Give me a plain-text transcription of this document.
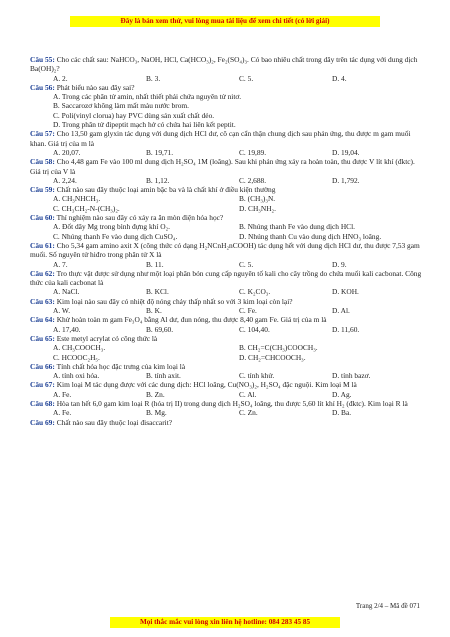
Đây là bản xem thử, vui lòng mua tài liệu để xem chi tiết (có lời giải)

Câu 55: Cho các chất sau: NaHCO₃, NaOH, HCl, Ca(HCO₃)₂, Fe₂(SO₄)₃. Có bao nhiêu chất trong dãy trên tác dụng với dung dịch Ba(OH)₂?

A. 2.	B. 3.	C. 5.	D. 4.

Câu 56: Phát biểu nào sau đây sai?

A. Trong các phân tử amin, nhất thiết phải chứa nguyên tử nitơ.

B. Saccarozơ không làm mất màu nước brom.

C. Poli(vinyl clorua) hay PVC dùng sản xuất chất dẻo.

D. Trong phân tử đipeptit mạch hở có chứa hai liên kết peptit.

Câu 57: Cho 13,50 gam glyxin tác dụng với dung dịch HCl dư, cô cạn cẩn thận chung dịch sau phản ứng, thu được m gam muối khan. Giá trị của m là

A. 20,07.	B. 19,71.	C. 19,89.	D. 19,04.

Câu 58: Cho 4,48 gam Fe vào 100 ml dung dịch H₂SO₄ 1M (loãng). Sau khi phản ứng xảy ra hoàn toàn, thu được V lít khí (đktc). Giá trị của V là

A. 2,24.	B. 1,12.	C. 2,688.	D. 1,792.

Câu 59: Chất nào sau đây thuộc loại amin bậc ba và là chất khí ở điều kiện thường

A. CH₃NHCH₃.	B. (CH₃)₃N.
C. CH₃CH₂-N-(CH₃)₂.	D. CH₃NH₂.

Câu 60: Thí nghiệm nào sau đây có xảy ra ăn mòn điện hóa học?

A. Đốt dây Mg trong bình đựng khí O₂.	B. Nhúng thanh Fe vào dung dịch HCl.
C. Nhúng thanh Fe vào dung dịch CuSO₄.	D. Nhúng thanh Cu vào dung dịch HNO₃ loãng.

Câu 61: Cho 5,34 gam amino axit X (công thức có dạng H₂NCnH₂nCOOH) tác dụng hết với dung dịch HCl dư, thu được 7,53 gam muối. Số nguyên tử hiđro trong phân tử X là

A. 7.	B. 11.	C. 5.	D. 9.

Câu 62: Tro thực vật được sử dụng như một loại phân bón cung cấp nguyên tố kali cho cây trồng do chứa muối kali cacbonat. Công thức của kali cacbonat là

A. NaCl.	B. KCl.	C. K₂CO₃.	D. KOH.

Câu 63: Kim loại nào sau đây có nhiệt độ nóng chảy thấp nhất so với 3 kim loại còn lại?

A. W.	B. K.	C. Fe.	D. Al.

Câu 64: Khử hoàn toàn m gam Fe₃O₄ bằng Al dư, đun nóng, thu được 8,40 gam Fe. Giá trị của m là

A. 17,40.	B. 69,60.	C. 104,40.	D. 11,60.

Câu 65: Este metyl acrylat có công thức là

A. CH₃COOCH₃.	B. CH₂=C(CH₃)COOCH₃.
C. HCOOC₂H₅.	D. CH₂=CHCOOCH₃.

Câu 66: Tính chất hóa học đặc trưng của kim loại là

A. tính oxi hóa.	B. tính axit.	C. tính khử.	D. tính bazơ.

Câu 67: Kim loại M tác dụng được với các dung dịch: HCl loãng, Cu(NO₃)₂, H₂SO₄ đặc nguội. Kim loại M là

A. Fe.	B. Zn.	C. Al.	D. Ag.

Câu 68: Hòa tan hết 6,0 gam kim loại R (hóa trị II) trong dung dịch H₂SO₄ loãng, thu được 5,60 lít khí H₂ (đktc). Kim loại R là

A. Fe.	B. Mg.	C. Zn.	D. Ba.

Câu 69: Chất nào sau đây thuộc loại đisaccarit?

Trang 2/4 – Mã đề 071
Mọi thắc mắc vui lòng xin liên hệ hotline: 084 283 45 85
